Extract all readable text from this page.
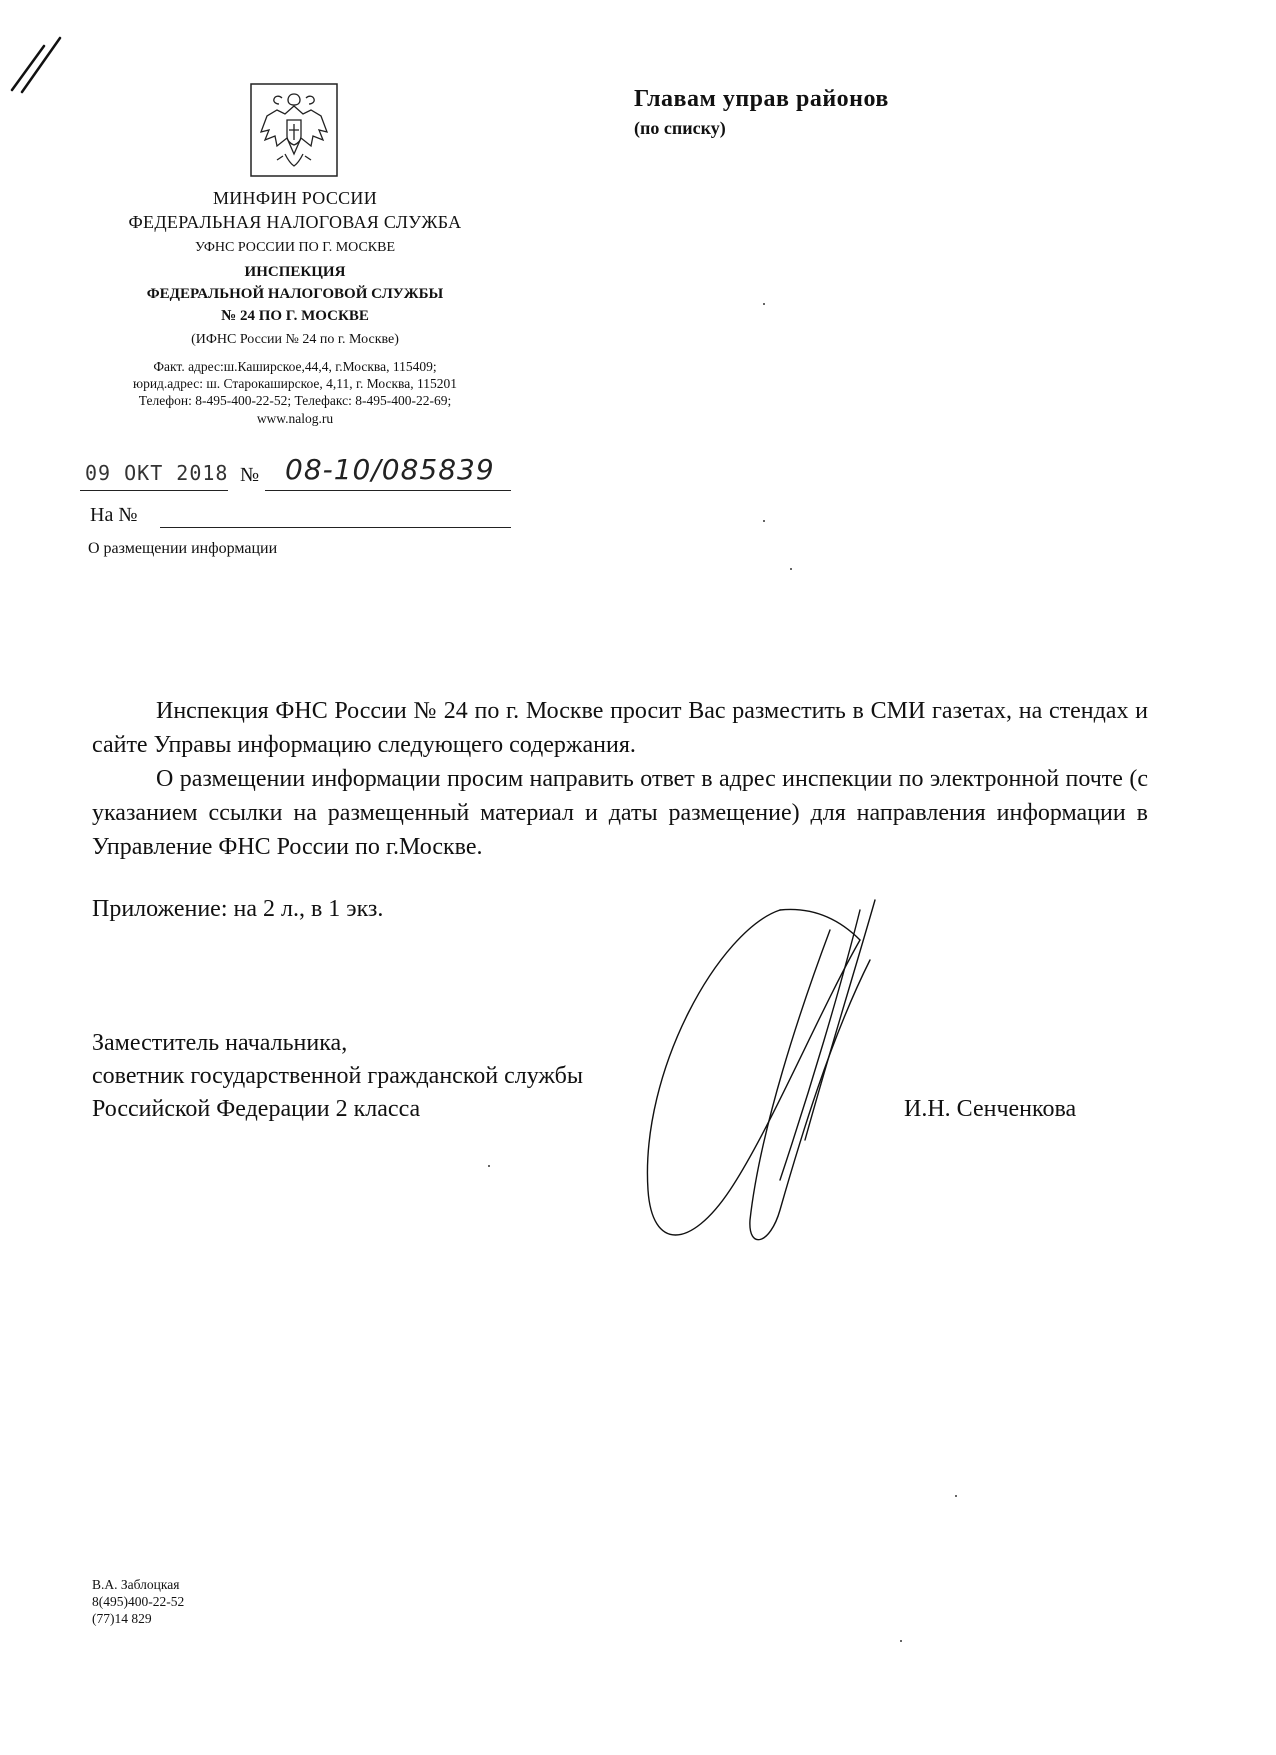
МИНФИН РОССИИ
ФЕДЕРАЛЬНАЯ НАЛОГОВАЯ СЛУЖБА
УФНС РОССИИ ПО Г. МОСКВЕ
ИНСПЕКЦИЯ
ФЕДЕРАЛЬНОЙ НАЛОГОВОЙ СЛУЖБЫ
№ 24 ПО Г. МОСКВЕ
(ИФНС России № 24 по г. Москве)
Факт. адрес:ш.Каширское,44,4, г.Москва, 115409;
юрид.адрес: ш. Старокаширское, 4,11, г. Москва, 115201
Телефон: 8-495-400-22-52; Телефакс: 8-495-400-22-69;
www.nalog.ru
09 ОКТ 2018 № 08-10/085839
На №
О размещении информации
Главам управ районов
(по списку)

Инспекция ФНС России № 24 по г. Москве просит Вас разместить в СМИ газетах, на стендах и сайте Управы информацию следующего содержания.

О размещении информации просим направить ответ в адрес инспекции по электронной почте (с указанием ссылки на размещенный материал и даты размещение) для направления информации в Управление ФНС России по г.Москве.

Приложение: на 2 л., в 1 экз.
Заместитель начальника,
советник государственной гражданской службы
Российской Федерации 2 класса	И.Н. Сенченкова
В.А. Заблоцкая
8(495)400-22-52
(77)14 829
